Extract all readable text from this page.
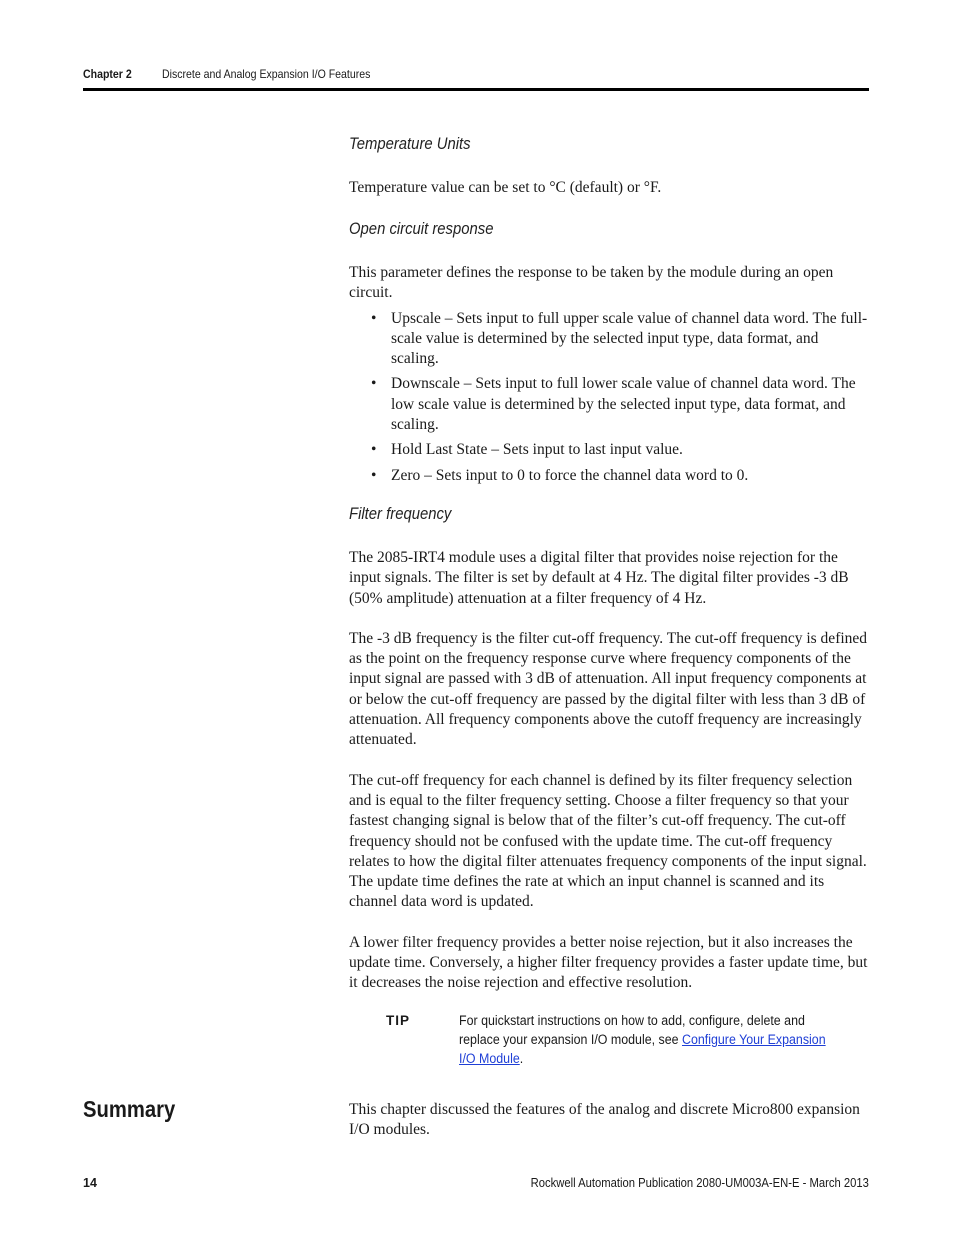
Chapter 2	Discrete and Analog Expansion I/O Features
Temperature Units

Temperature value can be set to °C (default) or °F.

Open circuit response

This parameter defines the response to be taken by the module during an open circuit.

• Upscale – Sets input to full upper scale value of channel data word. The full-scale value is determined by the selected input type, data format, and scaling.
• Downscale – Sets input to full lower scale value of channel data word. The low scale value is determined by the selected input type, data format, and scaling.
• Hold Last State – Sets input to last input value.
• Zero – Sets input to 0 to force the channel data word to 0.
Filter frequency

The 2085-IRT4 module uses a digital filter that provides noise rejection for the input signals. The filter is set by default at 4 Hz. The digital filter provides -3 dB (50% amplitude) attenuation at a filter frequency of 4 Hz.

The -3 dB frequency is the filter cut-off frequency. The cut-off frequency is defined as the point on the frequency response curve where frequency components of the input signal are passed with 3 dB of attenuation. All input frequency components at or below the cut-off frequency are passed by the digital filter with less than 3 dB of attenuation. All frequency components above the cutoff frequency are increasingly attenuated.

The cut-off frequency for each channel is defined by its filter frequency selection and is equal to the filter frequency setting. Choose a filter frequency so that your fastest changing signal is below that of the filter’s cut-off frequency. The cut-off frequency should not be confused with the update time. The cut-off frequency relates to how the digital filter attenuates frequency components of the input signal. The update time defines the rate at which an input channel is scanned and its channel data word is updated.

A lower filter frequency provides a better noise rejection, but it also increases the update time. Conversely, a higher filter frequency provides a faster update time, but it decreases the noise rejection and effective resolution.

TIP	For quickstart instructions on how to add, configure, delete and replace your expansion I/O module, see Configure Your Expansion I/O Module.
Summary	This chapter discussed the features of the analog and discrete Micro800 expansion I/O modules.

14	Rockwell Automation Publication 2080-UM003A-EN-E - March 2013
